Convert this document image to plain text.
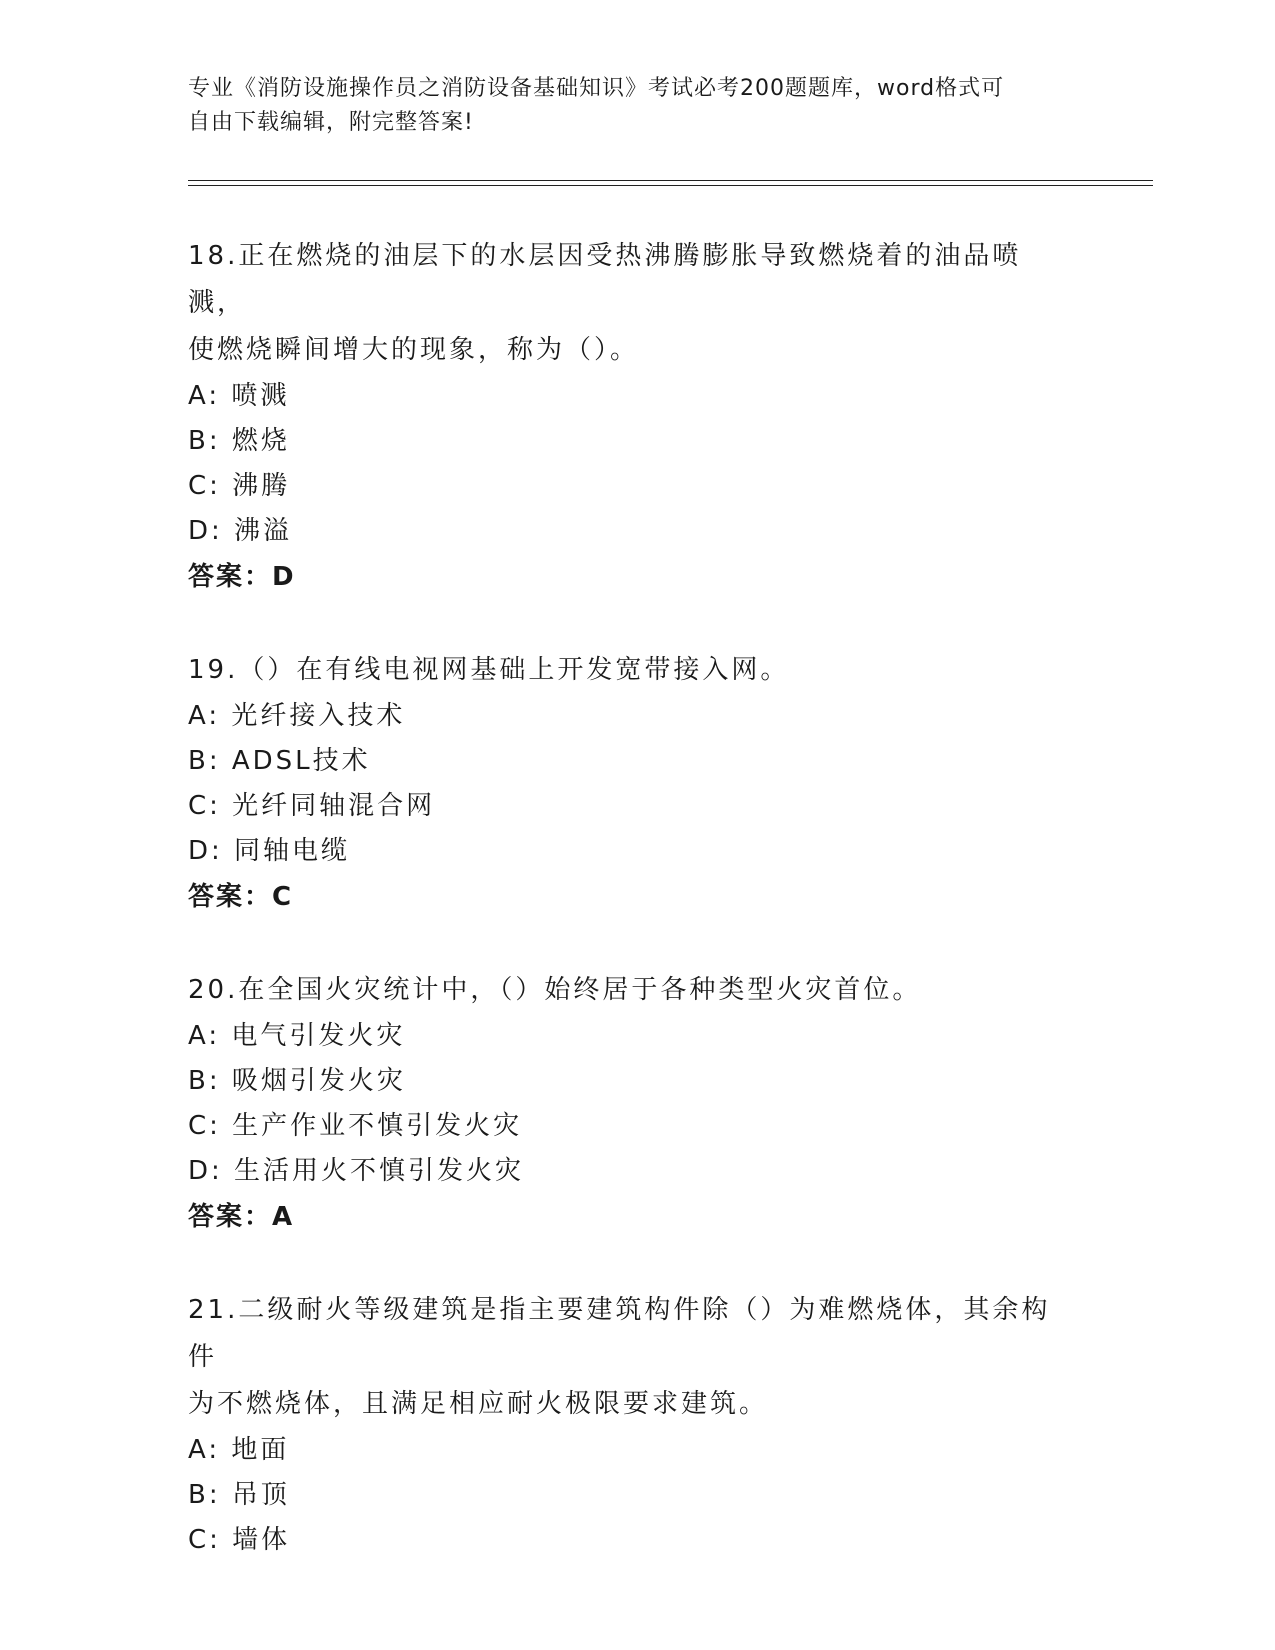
专业《消防设施操作员之消防设备基础知识》考试必考200题题库，word格式可
自由下载编辑，附完整答案!
18.正在燃烧的油层下的水层因受热沸腾膨胀导致燃烧着的油品喷溅，
使燃烧瞬间增大的现象，称为（）。
A: 喷溅
B: 燃烧
C: 沸腾
D: 沸溢
答案：D
19.（）在有线电视网基础上开发宽带接入网。
A: 光纤接入技术
B: ADSL技术
C: 光纤同轴混合网
D: 同轴电缆
答案：C
20.在全国火灾统计中，（）始终居于各种类型火灾首位。
A: 电气引发火灾
B: 吸烟引发火灾
C: 生产作业不慎引发火灾
D: 生活用火不慎引发火灾
答案：A
21.二级耐火等级建筑是指主要建筑构件除（）为难燃烧体，其余构件
为不燃烧体，且满足相应耐火极限要求建筑。
A: 地面
B: 吊顶
C: 墙体
